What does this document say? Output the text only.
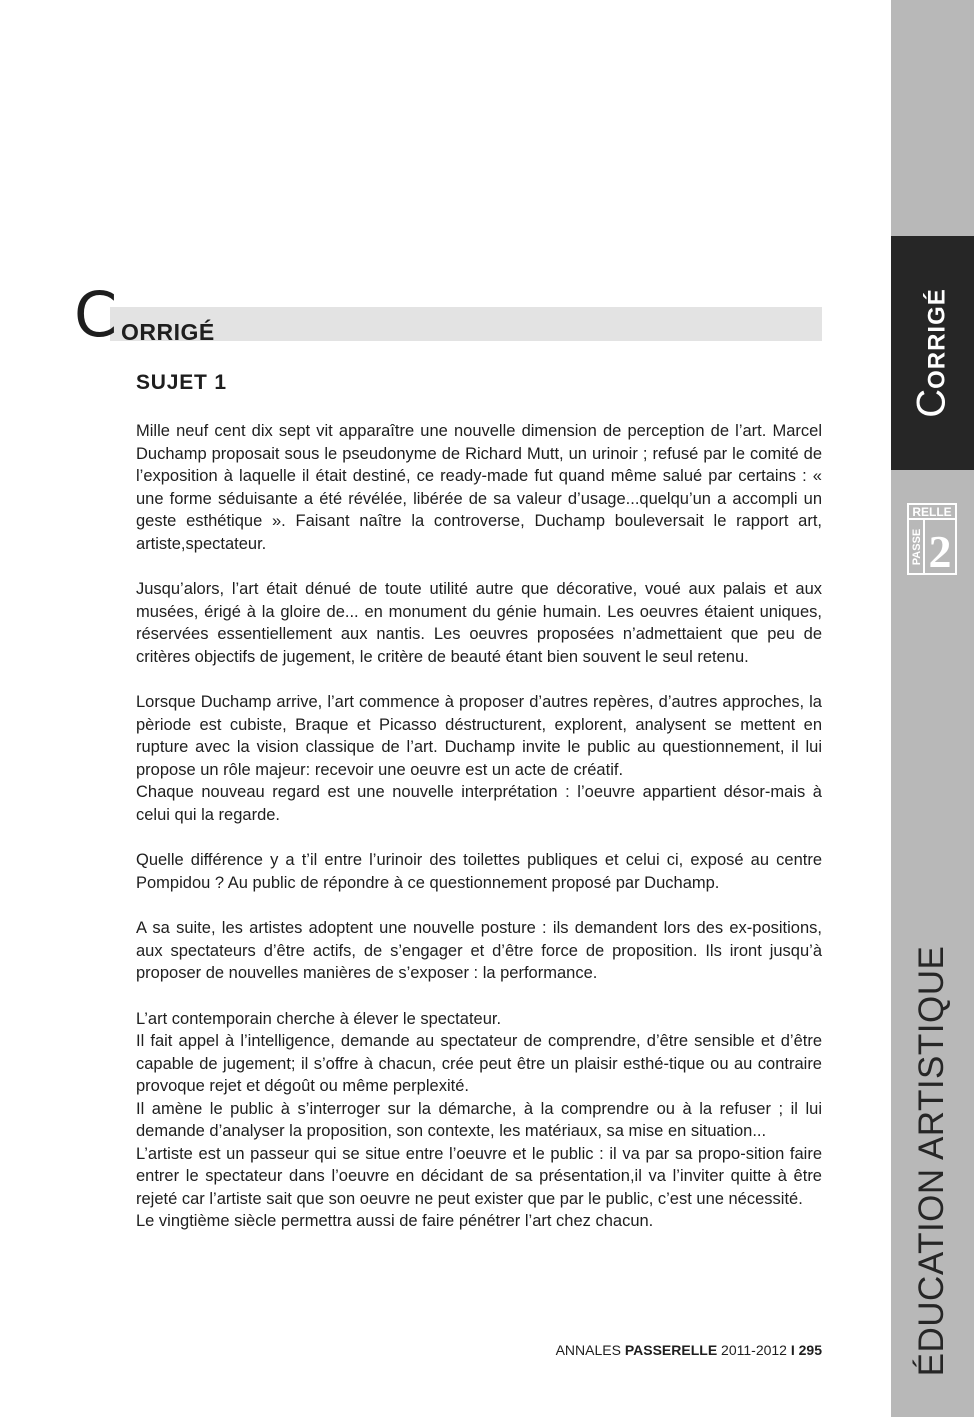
CORRIGÉ
RELLE
PASSE 2
ÉDUCATION ARTISTIQUE
C ORRIGÉ
SUJET 1

Mille neuf cent dix sept vit apparaître une nouvelle dimension de perception de l’art. Marcel Duchamp proposait sous le pseudonyme de Richard Mutt, un urinoir ; refusé par le comité de l’exposition à laquelle il était destiné, ce ready-made fut quand même salué par certains : « une forme séduisante a été révélée, libérée de sa valeur d’usage...quelqu’un a accompli un geste esthétique ». Faisant naître la controverse, Duchamp bouleversait le rapport art, artiste,spectateur.

Jusqu’alors, l’art était dénué de toute utilité autre que décorative, voué aux palais et aux musées, érigé à la gloire de... en monument du génie humain. Les oeuvres étaient uniques, réservées essentiellement aux nantis. Les oeuvres proposées n’admettaient que peu de critères objectifs de jugement, le critère de beauté étant bien souvent le seul retenu.

Lorsque Duchamp arrive, l’art commence à proposer d’autres repères, d’autres approches, la pèriode est cubiste, Braque et Picasso déstructurent, explorent, analysent se mettent en rupture avec la vision classique de l’art. Duchamp invite le public au questionnement, il lui propose un rôle majeur: recevoir une oeuvre est un acte de créatif.
Chaque nouveau regard est une nouvelle interprétation : l’oeuvre appartient désor-mais à celui qui la regarde.

Quelle différence y a t’il entre l’urinoir des toilettes publiques et celui ci, exposé au centre Pompidou ? Au public de répondre à ce questionnement proposé par Duchamp.

A sa suite, les artistes adoptent une nouvelle posture : ils demandent lors des ex-positions, aux spectateurs d’être actifs, de s’engager et d’être force de proposition. Ils iront jusqu’à proposer de nouvelles manières de s’exposer : la performance.

L’art contemporain cherche à élever le spectateur.
Il fait appel à l’intelligence, demande au spectateur de comprendre, d’être sensible et d’être capable de jugement; il s’offre à chacun, crée peut être un plaisir esthé-tique ou au contraire provoque rejet et dégoût ou même perplexité.
Il amène le public à s’interroger sur la démarche, à la comprendre ou à la refuser ; il lui demande d’analyser la proposition, son contexte, les matériaux, sa mise en situation...
L’artiste est un passeur qui se situe entre l’oeuvre et le public : il va par sa propo-sition faire entrer le spectateur dans l’oeuvre en décidant de sa présentation,il va l’inviter quitte à être rejeté car l’artiste sait que son oeuvre ne peut exister que par le public, c’est une nécessité.
Le vingtième siècle permettra aussi de faire pénétrer l’art chez chacun.

ANNALES PASSERELLE 2011-2012 I 295
